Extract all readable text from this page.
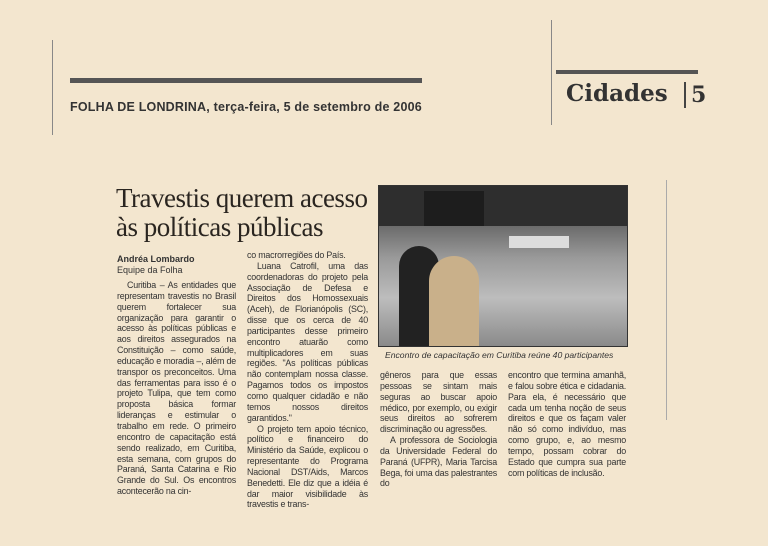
FOLHA DE LONDRINA, terça-feira, 5 de setembro de 2006	Cidades	5
Travestis querem acesso às políticas públicas
Andréa Lombardo
Equipe da Folha

Curitiba – As entidades que representam travestis no Brasil querem fortalecer sua organização para garantir o acesso às políticas públicas e aos direitos assegurados na Constituição – como saúde, educação e moradia –, além de transpor os preconceitos. Uma das ferramentas para isso é o projeto Tulipa, que tem como proposta básica formar lideranças e estimular o trabalho em rede. O primeiro encontro de capacitação está sendo realizado, em Curitiba, esta semana, com grupos do Paraná, Santa Catarina e Rio Grande do Sul. Os encontros acontecerão na cin-

co macrorregiões do País.

Luana Catrofil, uma das coordenadoras do projeto pela Associação de Defesa e Direitos dos Homossexuais (Aceh), de Florianópolis (SC), disse que os cerca de 40 participantes desse primeiro encontro atuarão como multiplicadores em suas regiões. "As políticas públicas não contemplam nossa classe. Pagamos todos os impostos como qualquer cidadão e não temos nossos direitos garantidos."

O projeto tem apoio técnico, político e financeiro do Ministério da Saúde, explicou o representante do Programa Nacional DST/Aids, Marcos Benedetti. Ele diz que a idéia é dar maior visibilidade às travestis e trans-

Encontro de capacitação em Curitiba reúne 40 participantes

gêneros para que essas pessoas se sintam mais seguras ao buscar apoio médico, por exemplo, ou exigir seus direitos ao sofrerem discriminação ou agressões.

A professora de Sociologia da Universidade Federal do Paraná (UFPR), Maria Tarcisa Bega, foi uma das palestrantes do

encontro que termina amanhã, e falou sobre ética e cidadania. Para ela, é necessário que cada um tenha noção de seus direitos e que os façam valer não só como indivíduo, mas como grupo, e, ao mesmo tempo, possam cobrar do Estado que cumpra sua parte com políticas de inclusão.
